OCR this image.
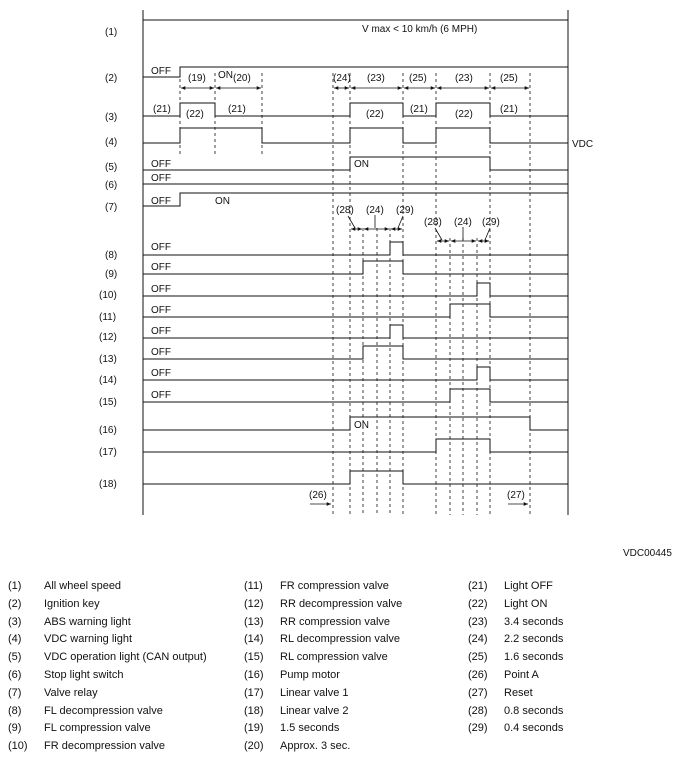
(1)
(2)
(3)
(4)
(5)
(6)
(7)
(8)
(9)
(10)
(11)
(12)
(13)
(14)
(15)
(16)
(17)
(18)
V max < 10 km/h (6 MPH)
OFF	ON
(19)	(20)	(24) (23) (25)	(23)	(25)
(21) (22) (21)	(22)	(21)	(22)	(21)
VDC
OFF	ON
OFF
OFF	ON
(28) (24) (29)
(28) (24) (29)
OFF
OFF
OFF
OFF
OFF
OFF
OFF
OFF
ON
(26)	(27)
VDC00445
(1) All wheel speed
(2) Ignition key
(3) ABS warning light
(4) VDC warning light
(5) VDC operation light (CAN output)
(6) Stop light switch
(7) Valve relay
(8) FL decompression valve
(9) FL compression valve
(10) FR decompression valve
(11) FR compression valve
(12) RR decompression valve
(13) RR compression valve
(14) RL decompression valve
(15) RL compression valve
(16) Pump motor
(17) Linear valve 1
(18) Linear valve 2
(19) 1.5 seconds
(20) Approx. 3 sec.
(21) Light OFF
(22) Light ON
(23) 3.4 seconds
(24) 2.2 seconds
(25) 1.6 seconds
(26) Point A
(27) Reset
(28) 0.8 seconds
(29) 0.4 seconds
